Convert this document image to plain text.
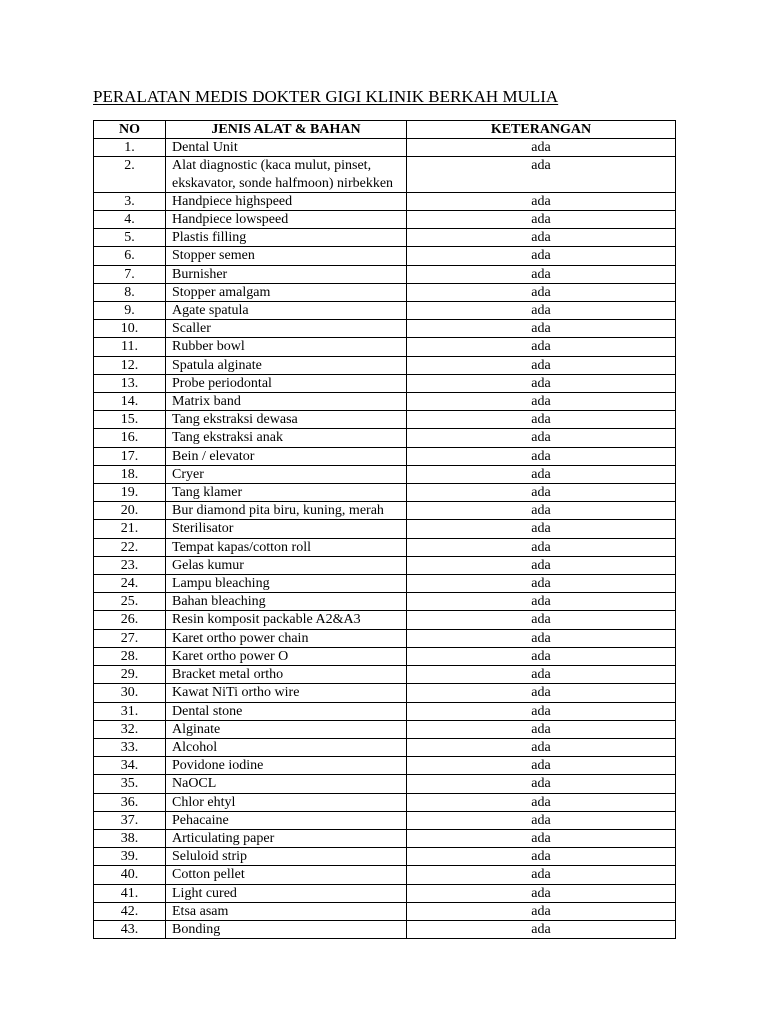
PERALATAN MEDIS DOKTER GIGI KLINIK BERKAH MULIA
NO	JENIS ALAT & BAHAN	KETERANGAN
1.	Dental Unit	ada
2.	Alat diagnostic (kaca mulut, pinset, ekskavator, sonde halfmoon) nirbekken	ada
3.	Handpiece highspeed	ada
4.	Handpiece lowspeed	ada
5.	Plastis filling	ada
6.	Stopper semen	ada
7.	Burnisher	ada
8.	Stopper amalgam	ada
9.	Agate spatula	ada
10.	Scaller	ada
11.	Rubber bowl	ada
12.	Spatula alginate	ada
13.	Probe periodontal	ada
14.	Matrix band	ada
15.	Tang ekstraksi dewasa	ada
16.	Tang ekstraksi anak	ada
17.	Bein / elevator	ada
18.	Cryer	ada
19.	Tang klamer	ada
20.	Bur diamond pita biru, kuning, merah	ada
21.	Sterilisator	ada
22.	Tempat kapas/cotton roll	ada
23.	Gelas kumur	ada
24.	Lampu bleaching	ada
25.	Bahan bleaching	ada
26.	Resin komposit packable A2&A3	ada
27.	Karet ortho power chain	ada
28.	Karet ortho power O	ada
29.	Bracket metal ortho	ada
30.	Kawat NiTi ortho wire	ada
31.	Dental stone	ada
32.	Alginate	ada
33.	Alcohol	ada
34.	Povidone iodine	ada
35.	NaOCL	ada
36.	Chlor ehtyl	ada
37.	Pehacaine	ada
38.	Articulating paper	ada
39.	Seluloid strip	ada
40.	Cotton pellet	ada
41.	Light cured	ada
42.	Etsa asam	ada
43.	Bonding	ada
